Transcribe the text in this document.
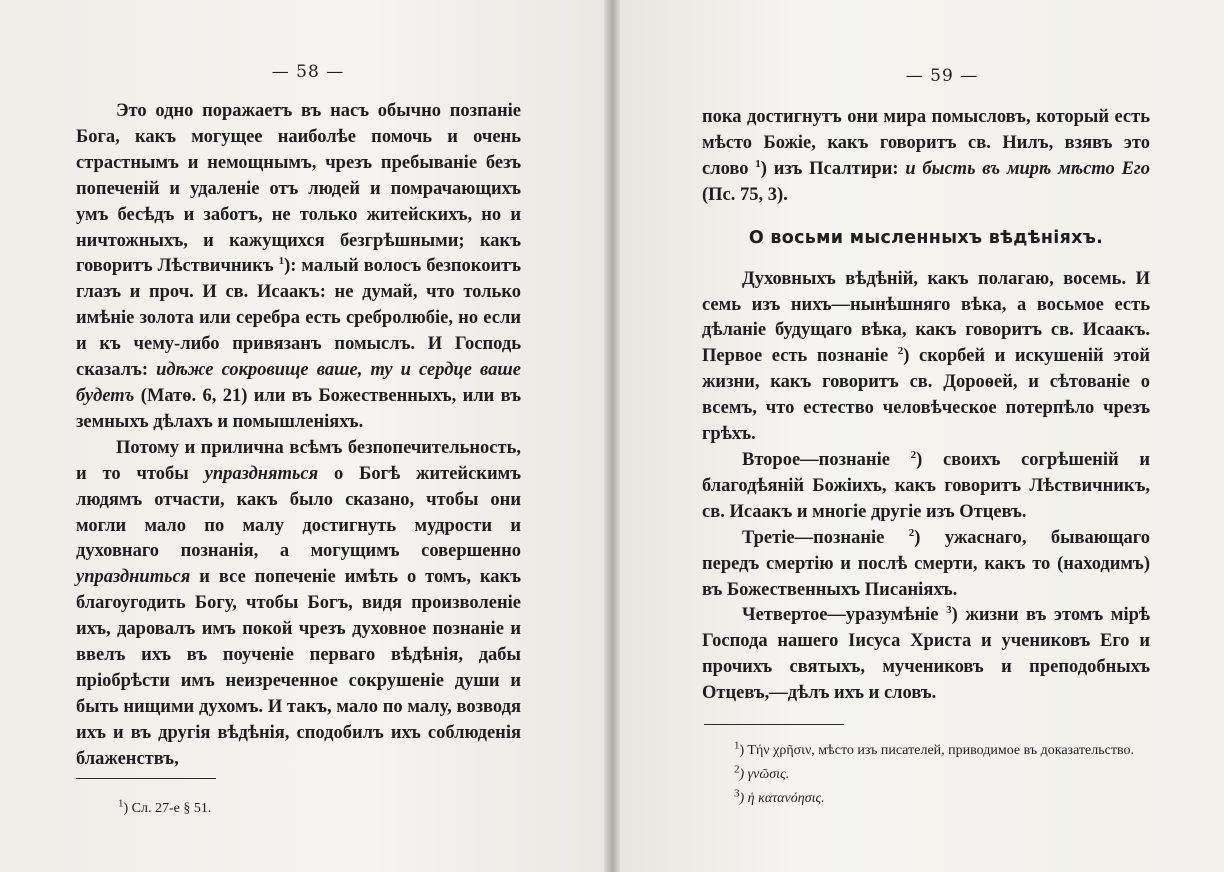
— 58 —

Это одно поражаетъ въ насъ обычно позпаніе Бога, какъ могущее наиболѣе помочь и очень страстнымъ и немощнымъ, чрезъ пребываніе безъ попеченій и удаленіе отъ людей и помрачающихъ умъ бесѣдъ и заботъ, не только житейскихъ, но и ничтожныхъ, и кажущихся безгрѣшными; какъ говоритъ Лѣствичникъ $^1$): малый волосъ безпокоитъ глазъ и проч. И св. Исаакъ: не думай, что только имѣніе золота или серебра есть сребролюбіе, но если и къ чему-либо привязанъ помыслъ. И Господь сказалъ: идѣже сокровище ваше, ту и сердце ваше будетъ (Матѳ. 6, 21) или въ Божественныхъ, или въ земныхъ дѣлахъ и помышленіяхъ.

Потому и прилична всѣмъ безпопечительность, и то чтобы упраздняться о Богѣ житейскимъ людямъ отчасти, какъ было сказано, чтобы они могли мало по малу достигнуть мудрости и духовнаго познанія, а могущимъ совершенно упраздниться и все попеченіе имѣть о томъ, какъ благоугодить Богу, чтобы Богъ, видя произволеніе ихъ, даровалъ имъ покой чрезъ духовное познаніе и ввелъ ихъ въ поученіе перваго вѣдѣнія, дабы пріобрѣсти имъ неизреченное сокрушеніе души и быть нищими духомъ. И такъ, мало по малу, возводя ихъ и въ другія вѣдѣнія, сподобилъ ихъ соблюденія блаженствъ,

$^1$) Сл. 27-е § 51.

— 59 —

пока достигнутъ они мира помысловъ, который есть мѣсто Божіе, какъ говоритъ св. Нилъ, взявъ это слово $^1$) изъ Псалтири: и бысть въ мирѣ мѣсто Его (Пс. 75, 3).

О восьми мысленныхъ вѣдѣніяхъ.

Духовныхъ вѣдѣній, какъ полагаю, восемь. И семь изъ нихъ—нынѣшняго вѣка, а восьмое есть дѣланіе будущаго вѣка, какъ говоритъ св. Исаакъ. Первое есть познаніе $^2$) скорбей и искушеній этой жизни, какъ говоритъ св. Дороѳей, и сѣтованіе о всемъ, что естество человѣческое потерпѣло чрезъ грѣхъ.

Второе—познаніе $^2$) своихъ согрѣшеній и благодѣяній Божіихъ, какъ говоритъ Лѣствичникъ, св. Исаакъ и многіе другіе изъ Отцевъ.

Третіе—познаніе $^2$) ужаснаго, бывающаго передъ смертію и послѣ смерти, какъ то (находимъ) въ Божественныхъ Писаніяхъ.

Четвертое—уразумѣніе $^3$) жизни въ этомъ мірѣ Господа нашего Іисуса Христа и учениковъ Его и прочихъ святыхъ, мучениковъ и преподобныхъ Отцевъ,—дѣлъ ихъ и словъ.

$^1$) Τήν χρῆσιν, мѣсто изъ писателей, приводимое въ доказательство.

$^2$) γνῶσις.

$^3$) ἡ κατανόησις.
